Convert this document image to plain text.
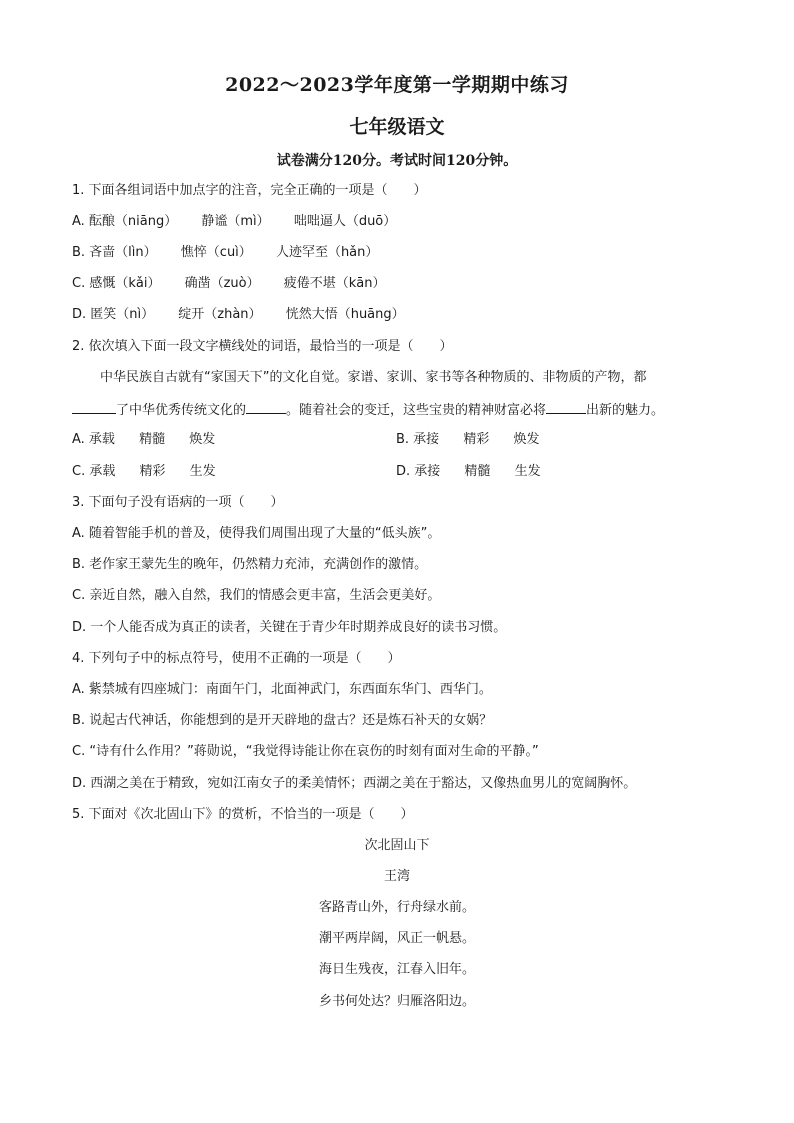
2022～2023学年度第一学期期中练习
七年级语文
试卷满分120分。考试时间120分钟。
1. 下面各组词语中加点字的注音，完全正确的一项是（　　）
A. 酝酿（niāng） 静谧（mì） 咄咄逼人（duō）
B. 吝啬（lìn） 憔悴（cuì） 人迹罕至（hǎn）
C. 感慨（kǎi） 确凿（zuò） 疲倦不堪（kān）
D. 匿笑（nì） 绽开（zhàn） 恍然大悟（huāng）
2. 依次填入下面一段文字横线处的词语，最恰当的一项是（　　）
中华民族自古就有“家国天下”的文化自觉。家谱、家训、家书等各种物质的、非物质的产物，都
了中华优秀传统文化的	。随着社会的变迁，这些宝贵的精神财富必将	出新的魅力。
A. 承载 精髓 焕发	B. 承接 精彩 焕发
C. 承载 精彩 生发	D. 承接 精髓 生发
3. 下面句子没有语病的一项（　　）
A. 随着智能手机的普及，使得我们周围出现了大量的“低头族”。
B. 老作家王蒙先生的晚年，仍然精力充沛，充满创作的激情。
C. 亲近自然，融入自然，我们的情感会更丰富，生活会更美好。
D. 一个人能否成为真正的读者，关键在于青少年时期养成良好的读书习惯。
4. 下列句子中的标点符号，使用不正确的一项是（　　）
A. 紫禁城有四座城门：南面午门，北面神武门，东西面东华门、西华门。
B. 说起古代神话，你能想到的是开天辟地的盘古？还是炼石补天的女娲？
C. “诗有什么作用？”蒋勋说，“我觉得诗能让你在哀伤的时刻有面对生命的平静。”
D. 西湖之美在于精致，宛如江南女子的柔美情怀；西湖之美在于豁达，又像热血男儿的宽阔胸怀。
5. 下面对《次北固山下》的赏析，不恰当的一项是（　　）
次北固山下
王湾
客路青山外，行舟绿水前。
潮平两岸阔，风正一帆悬。
海日生残夜，江春入旧年。
乡书何处达？归雁洛阳边。
